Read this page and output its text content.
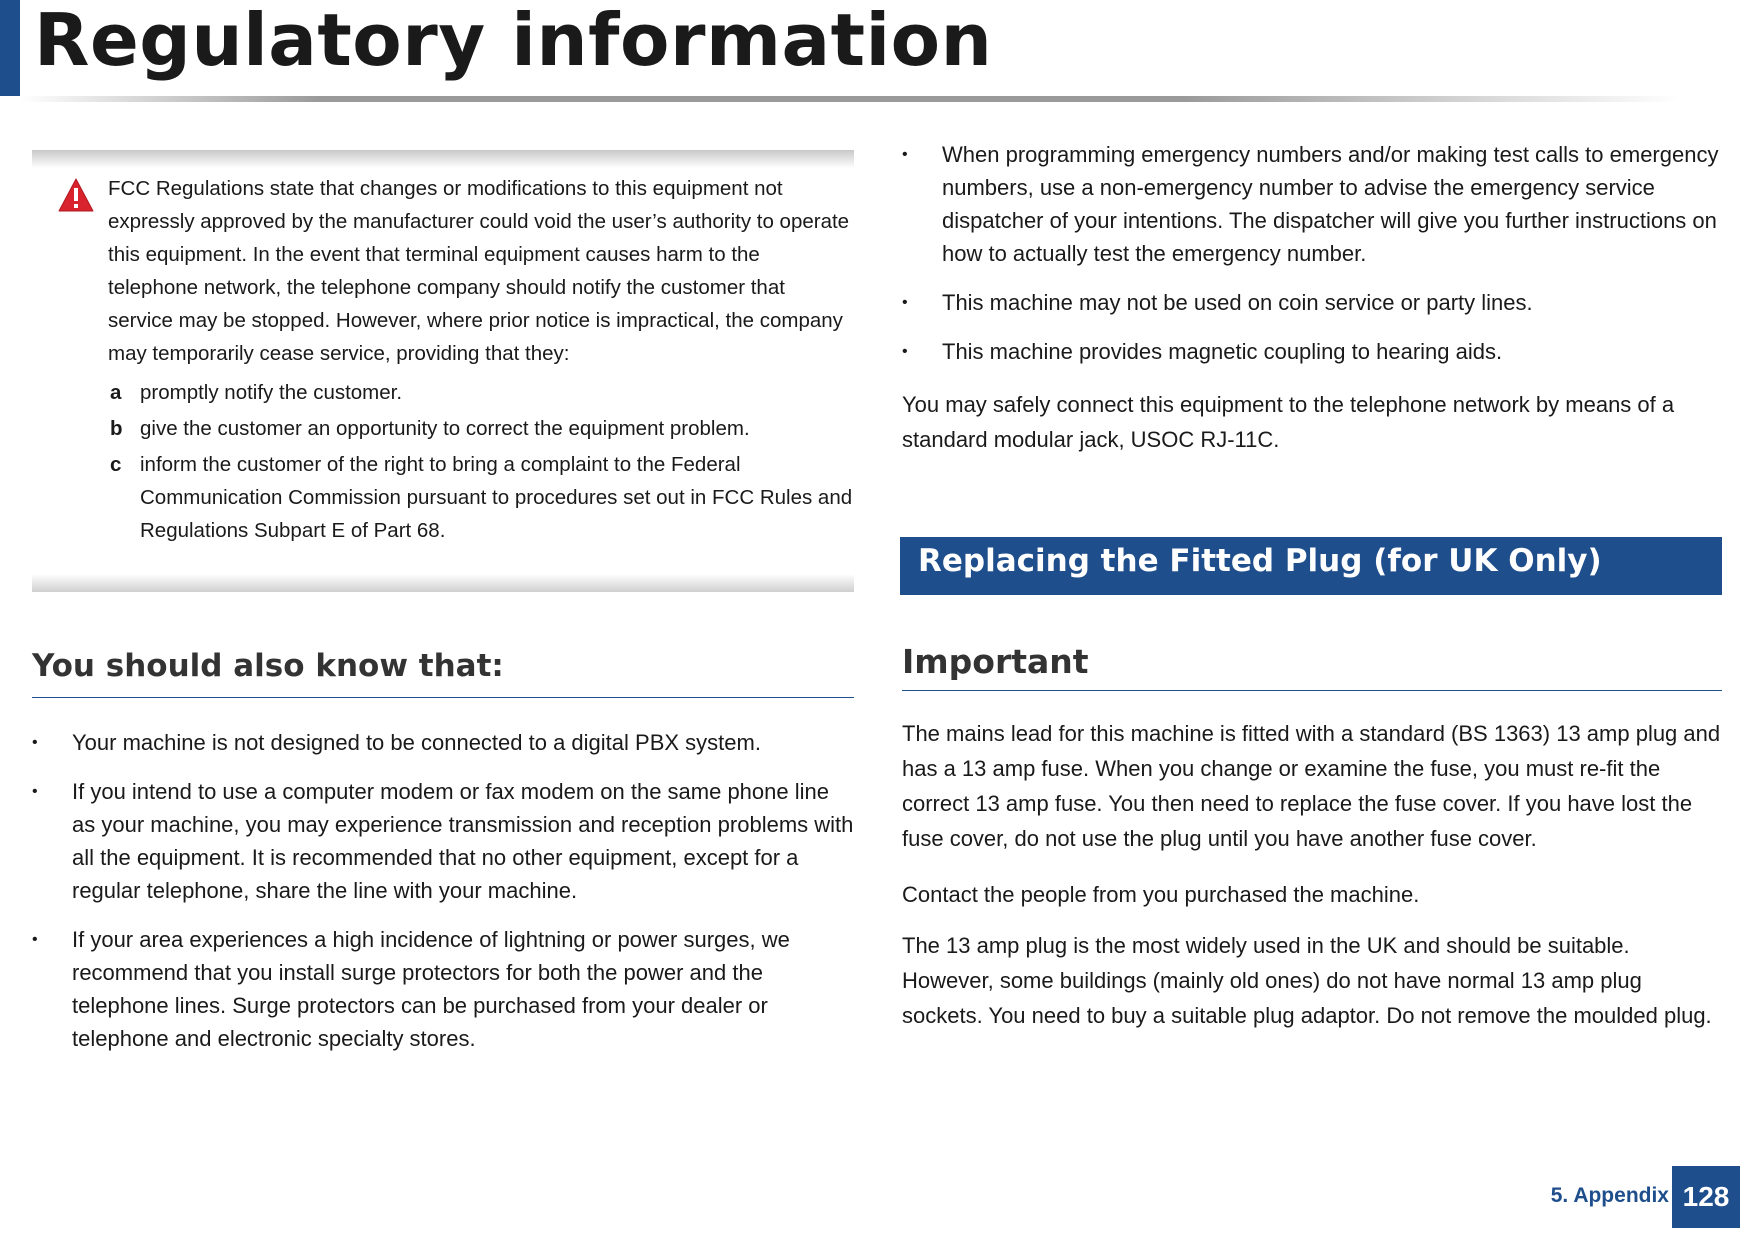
Regulatory information

FCC Regulations state that changes or modifications to this equipment not expressly approved by the manufacturer could void the user’s authority to operate this equipment. In the event that terminal equipment causes harm to the telephone network, the telephone company should notify the customer that service may be stopped. However, where prior notice is impractical, the company may temporarily cease service, providing that they:

a promptly notify the customer.
b give the customer an opportunity to correct the equipment problem.
c inform the customer of the right to bring a complaint to the Federal Communication Commission pursuant to procedures set out in FCC Rules and Regulations Subpart E of Part 68.
You should also know that:
• Your machine is not designed to be connected to a digital PBX system.
• If you intend to use a computer modem or fax modem on the same phone line as your machine, you may experience transmission and reception problems with all the equipment. It is recommended that no other equipment, except for a regular telephone, share the line with your machine.
• If your area experiences a high incidence of lightning or power surges, we recommend that you install surge protectors for both the power and the telephone lines. Surge protectors can be purchased from your dealer or telephone and electronic specialty stores.
• When programming emergency numbers and/or making test calls to emergency numbers, use a non-emergency number to advise the emergency service dispatcher of your intentions. The dispatcher will give you further instructions on how to actually test the emergency number.
• This machine may not be used on coin service or party lines.
• This machine provides magnetic coupling to hearing aids.

You may safely connect this equipment to the telephone network by means of a standard modular jack, USOC RJ-11C.

Replacing the Fitted Plug (for UK Only)
Important

The mains lead for this machine is fitted with a standard (BS 1363) 13 amp plug and has a 13 amp fuse. When you change or examine the fuse, you must re-fit the correct 13 amp fuse. You then need to replace the fuse cover. If you have lost the fuse cover, do not use the plug until you have another fuse cover.

Contact the people from you purchased the machine.

The 13 amp plug is the most widely used in the UK and should be suitable. However, some buildings (mainly old ones) do not have normal 13 amp plug sockets. You need to buy a suitable plug adaptor. Do not remove the moulded plug.

5. Appendix 128
